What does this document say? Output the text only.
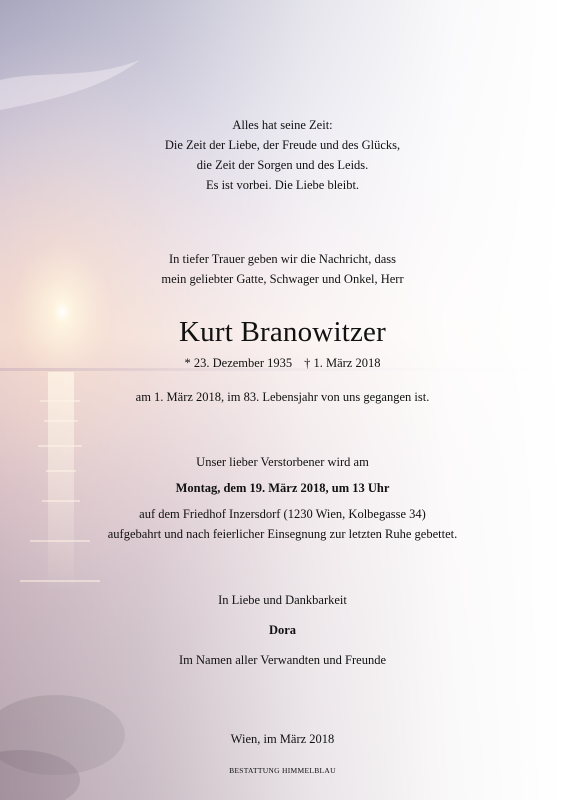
Alles hat seine Zeit:
Die Zeit der Liebe, der Freude und des Glücks,
die Zeit der Sorgen und des Leids.
Es ist vorbei. Die Liebe bleibt.
In tiefer Trauer geben wir die Nachricht, dass
mein geliebter Gatte, Schwager und Onkel, Herr
Kurt Branowitzer
* 23. Dezember 1935 † 1. März 2018
am 1. März 2018, im 83. Lebensjahr von uns gegangen ist.
Unser lieber Verstorbener wird am
Montag, dem 19. März 2018, um 13 Uhr
auf dem Friedhof Inzersdorf (1230 Wien, Kolbegasse 34)
aufgebahrt und nach feierlicher Einsegnung zur letzten Ruhe gebettet.
In Liebe und Dankbarkeit
Dora
Im Namen aller Verwandten und Freunde
Wien, im März 2018
BESTATTUNG HIMMELBLAU
